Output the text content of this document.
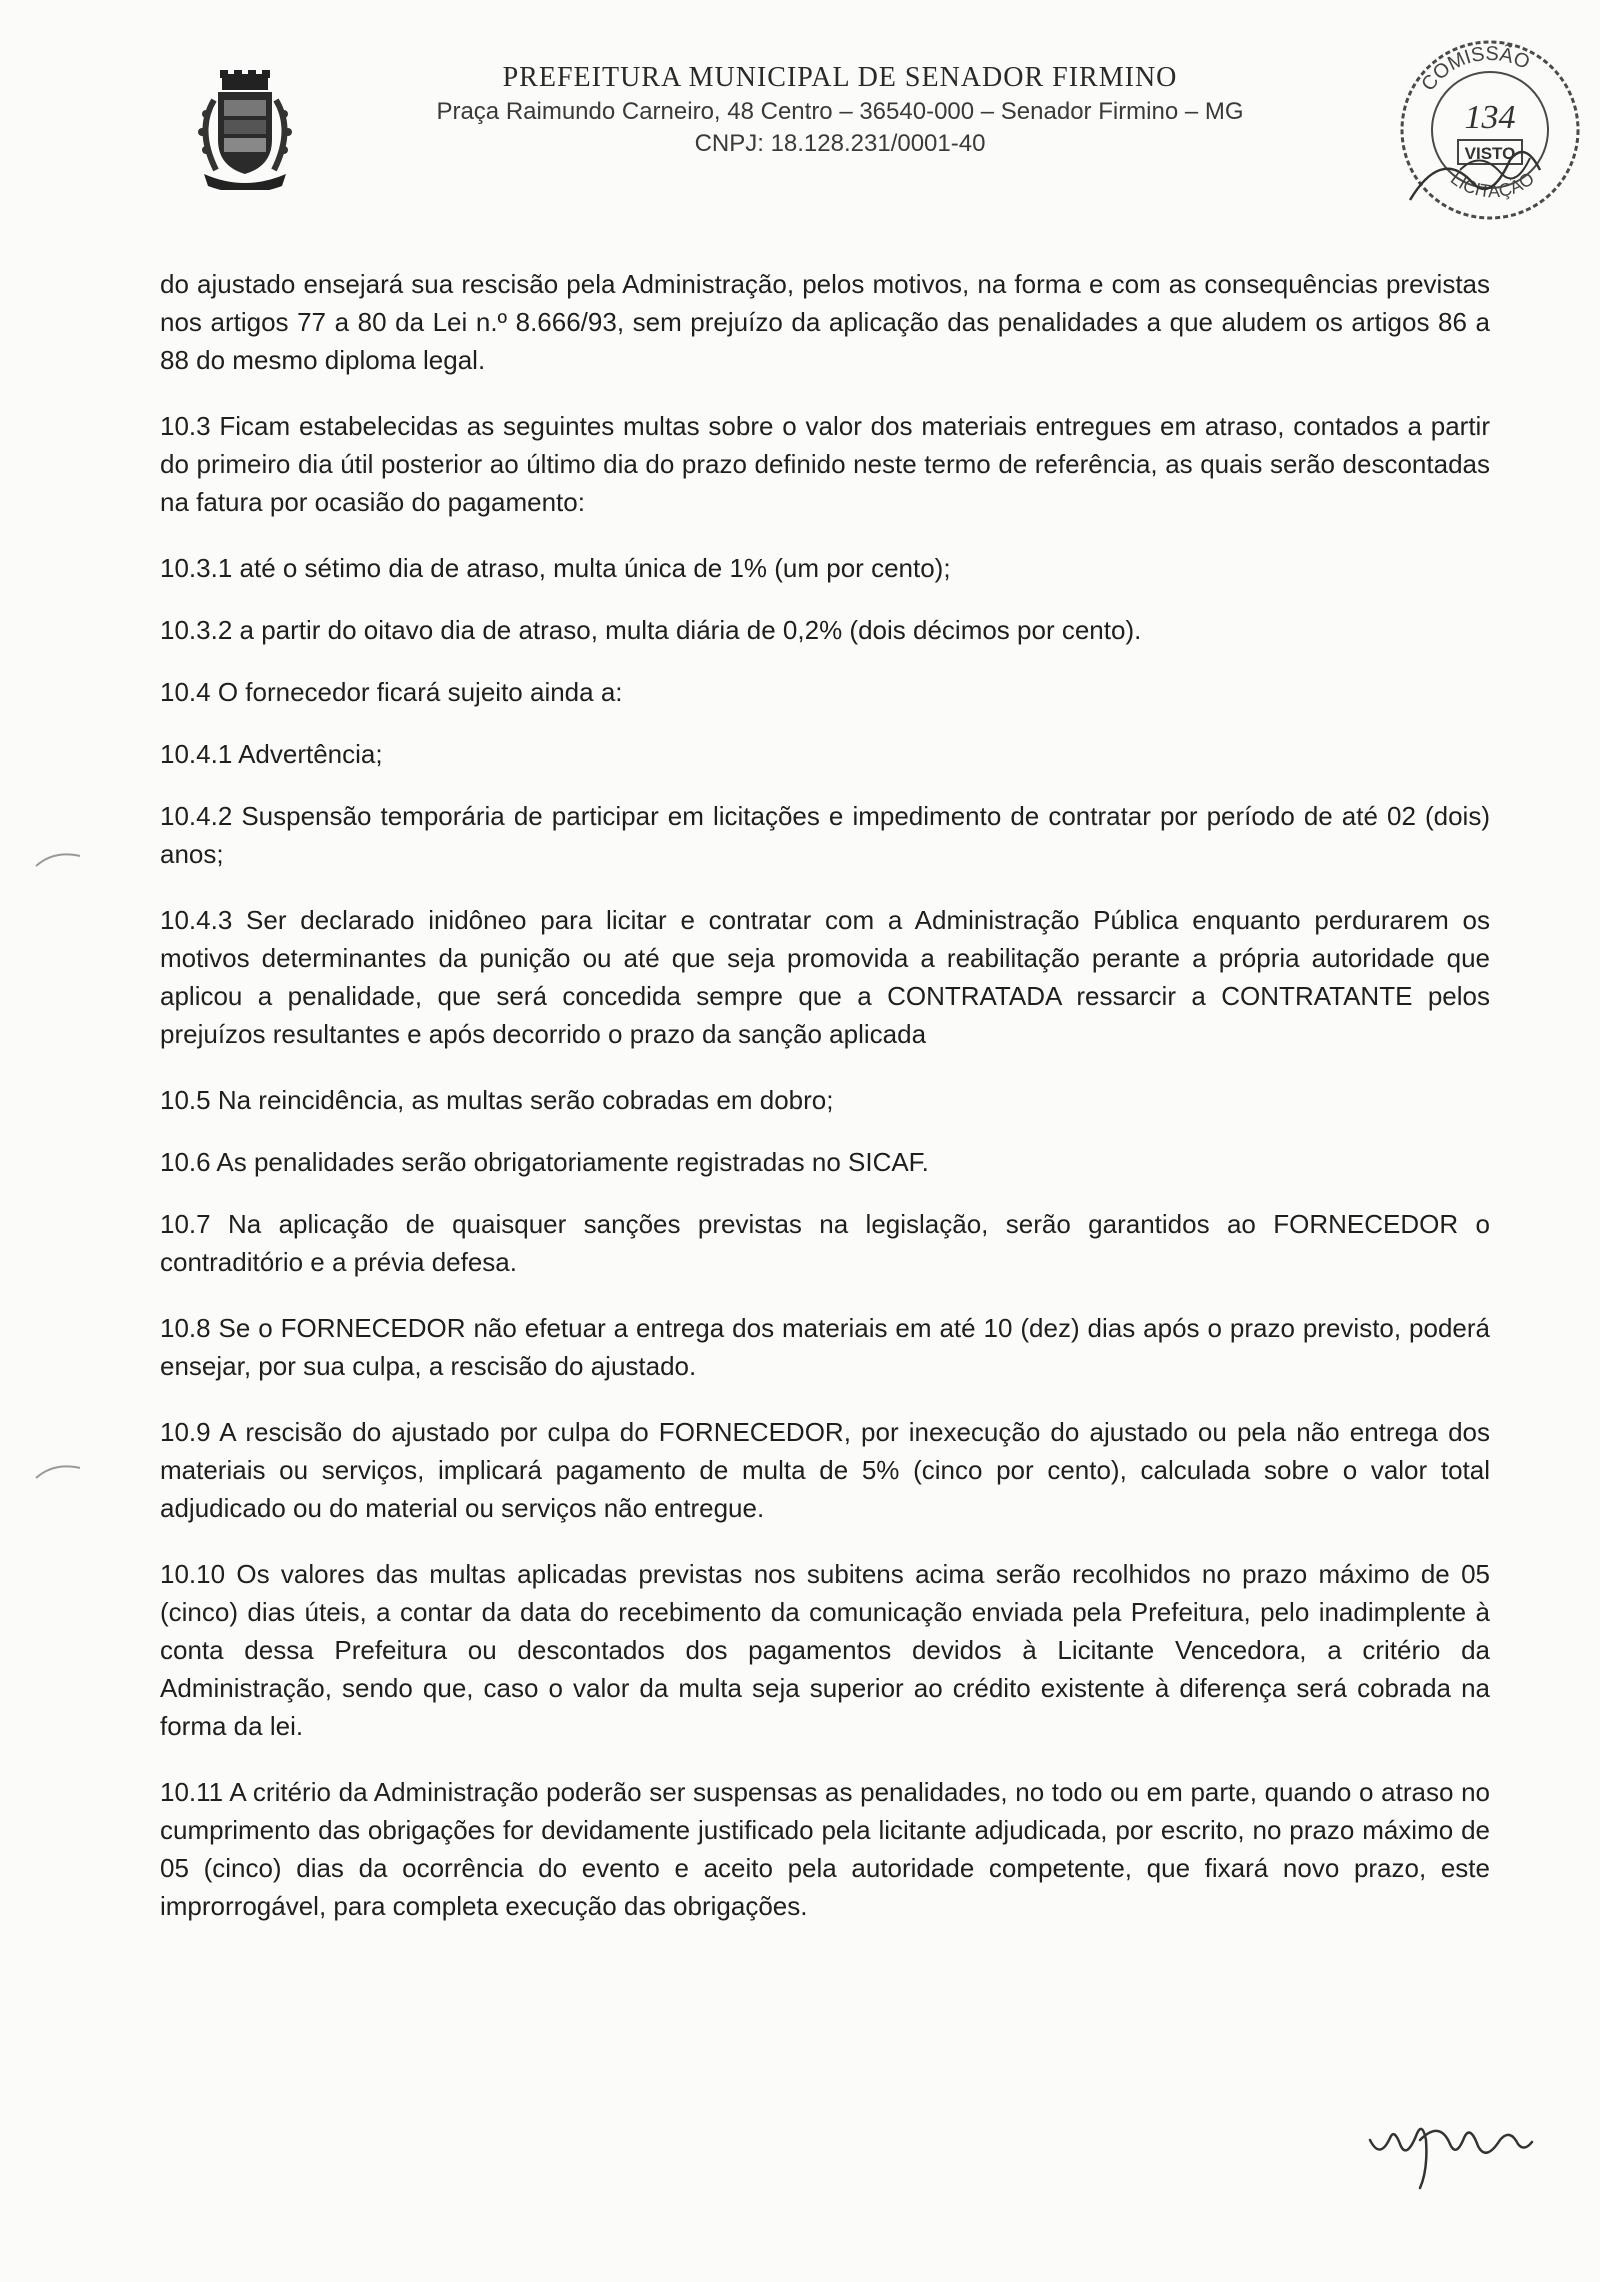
PREFEITURA MUNICIPAL DE SENADOR FIRMINO
Praça Raimundo Carneiro, 48 Centro – 36540-000 – Senador Firmino – MG
CNPJ: 18.128.231/0001-40
COMISSÃO
LICITAÇÃO
134
VISTO

do ajustado ensejará sua rescisão pela Administração, pelos motivos, na forma e com as consequências previstas nos artigos 77 a 80 da Lei n.º 8.666/93, sem prejuízo da aplicação das penalidades a que aludem os artigos 86 a 88 do mesmo diploma legal.

10.3 Ficam estabelecidas as seguintes multas sobre o valor dos materiais entregues em atraso, contados a partir do primeiro dia útil posterior ao último dia do prazo definido neste termo de referência, as quais serão descontadas na fatura por ocasião do pagamento:

10.3.1 até o sétimo dia de atraso, multa única de 1% (um por cento);

10.3.2 a partir do oitavo dia de atraso, multa diária de 0,2% (dois décimos por cento).

10.4 O fornecedor ficará sujeito ainda a:

10.4.1 Advertência;

10.4.2 Suspensão temporária de participar em licitações e impedimento de contratar por período de até 02 (dois) anos;

10.4.3 Ser declarado inidôneo para licitar e contratar com a Administração Pública enquanto perdurarem os motivos determinantes da punição ou até que seja promovida a reabilitação perante a própria autoridade que aplicou a penalidade, que será concedida sempre que a CONTRATADA ressarcir a CONTRATANTE pelos prejuízos resultantes e após decorrido o prazo da sanção aplicada

10.5 Na reincidência, as multas serão cobradas em dobro;

10.6 As penalidades serão obrigatoriamente registradas no SICAF.

10.7 Na aplicação de quaisquer sanções previstas na legislação, serão garantidos ao FORNECEDOR o contraditório e a prévia defesa.

10.8 Se o FORNECEDOR não efetuar a entrega dos materiais em até 10 (dez) dias após o prazo previsto, poderá ensejar, por sua culpa, a rescisão do ajustado.

10.9 A rescisão do ajustado por culpa do FORNECEDOR, por inexecução do ajustado ou pela não entrega dos materiais ou serviços, implicará pagamento de multa de 5% (cinco por cento), calculada sobre o valor total adjudicado ou do material ou serviços não entregue.

10.10 Os valores das multas aplicadas previstas nos subitens acima serão recolhidos no prazo máximo de 05 (cinco) dias úteis, a contar da data do recebimento da comunicação enviada pela Prefeitura, pelo inadimplente à conta dessa Prefeitura ou descontados dos pagamentos devidos à Licitante Vencedora, a critério da Administração, sendo que, caso o valor da multa seja superior ao crédito existente à diferença será cobrada na forma da lei.

10.11 A critério da Administração poderão ser suspensas as penalidades, no todo ou em parte, quando o atraso no cumprimento das obrigações for devidamente justificado pela licitante adjudicada, por escrito, no prazo máximo de 05 (cinco) dias da ocorrência do evento e aceito pela autoridade competente, que fixará novo prazo, este improrrogável, para completa execução das obrigações.
